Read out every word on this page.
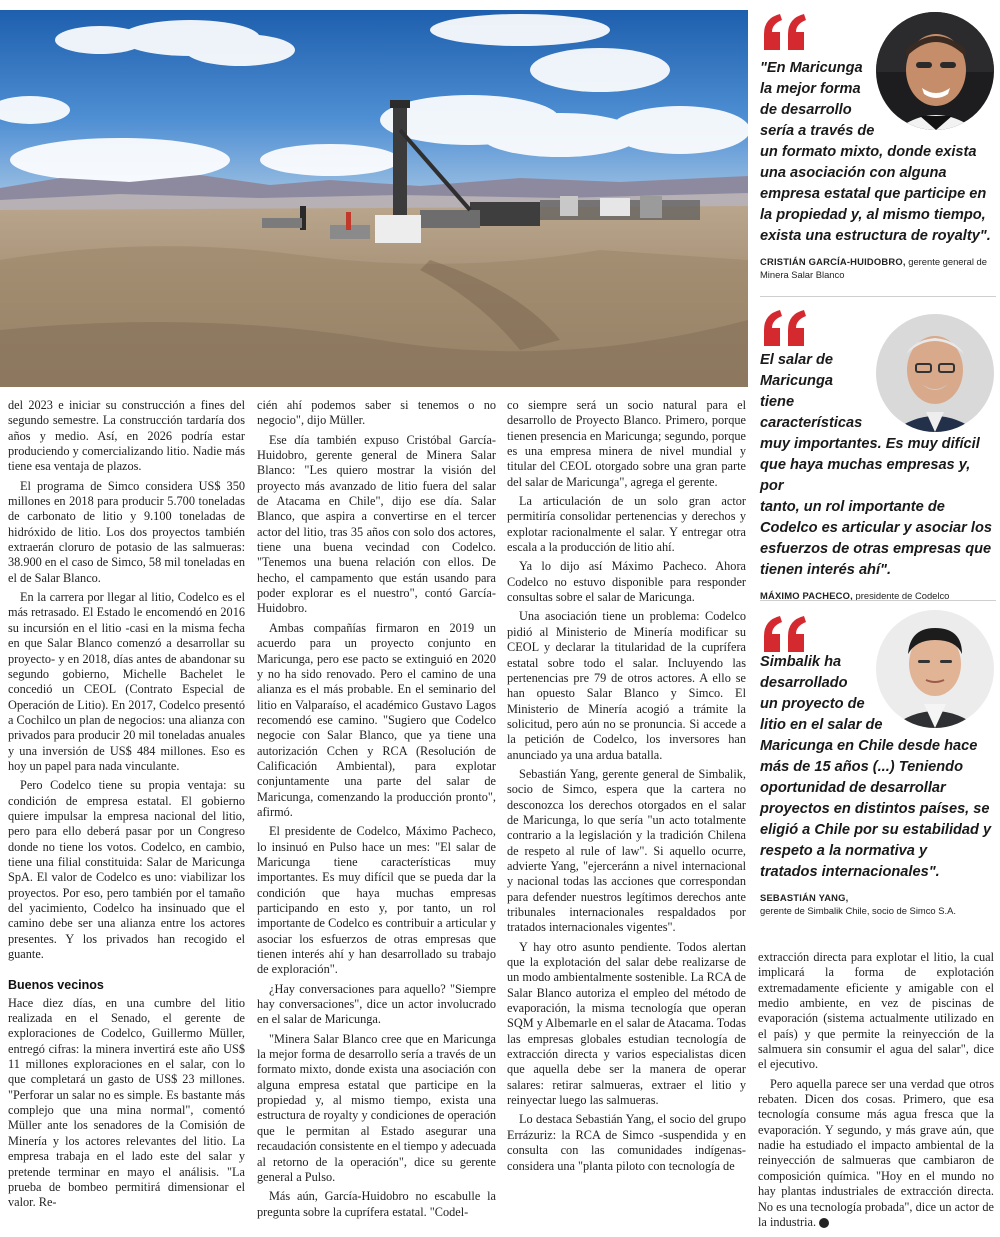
del 2023 e iniciar su construcción a fines del segundo semestre. La construcción tardaría dos años y medio. Así, en 2026 podría estar produciendo y comercializando litio. Nadie más tiene esa ventaja de plazos.

El programa de Simco considera US$ 350 millones en 2018 para producir 5.700 toneladas de carbonato de litio y 9.100 toneladas de hidróxido de litio. Los dos proyectos también extraerán cloruro de potasio de las salmueras: 38.900 en el caso de Simco, 58 mil toneladas en el de Salar Blanco.

En la carrera por llegar al litio, Codelco es el más retrasado. El Estado le encomendó en 2016 su incursión en el litio -casi en la misma fecha en que Salar Blanco comenzó a desarrollar su proyecto- y en 2018, días antes de abandonar su segundo gobierno, Michelle Bachelet le concedió un CEOL (Contrato Especial de Operación de Litio). En 2017, Codelco presentó a Cochilco un plan de negocios: una alianza con privados para producir 20 mil toneladas anuales y una inversión de US$ 484 millones. Eso es hoy un papel para nada vinculante.

Pero Codelco tiene su propia ventaja: su condición de empresa estatal. El gobierno quiere impulsar la empresa nacional del litio, pero para ello deberá pasar por un Congreso donde no tiene los votos. Codelco, en cambio, tiene una filial constituida: Salar de Maricunga SpA. El valor de Codelco es uno: viabilizar los proyectos. Por eso, pero también por el tamaño del yacimiento, Codelco ha insinuado que el camino debe ser una alianza entre los actores presentes. Y los privados han recogido el guante.

Buenos vecinos

Hace diez días, en una cumbre del litio realizada en el Senado, el gerente de exploraciones de Codelco, Guillermo Müller, entregó cifras: la minera invertirá este año US$ 11 millones exploraciones en el salar, con lo que completará un gasto de US$ 23 millones. "Perforar un salar no es simple. Es bastante más complejo que una mina normal", comentó Müller ante los senadores de la Comisión de Minería y los actores relevantes del litio. La empresa trabaja en el lado este del salar y pretende terminar en mayo el análisis. "La prueba de bombeo permitirá dimensionar el valor. Re-

cién ahí podemos saber si tenemos o no negocio", dijo Müller.

Ese día también expuso Cristóbal García-Huidobro, gerente general de Minera Salar Blanco: "Les quiero mostrar la visión del proyecto más avanzado de litio fuera del salar de Atacama en Chile", dijo ese día. Salar Blanco, que aspira a convertirse en el tercer actor del litio, tras 35 años con solo dos actores, tiene una buena vecindad con Codelco. "Tenemos una buena relación con ellos. De hecho, el campamento que están usando para poder explorar es el nuestro", contó García-Huidobro.

Ambas compañías firmaron en 2019 un acuerdo para un proyecto conjunto en Maricunga, pero ese pacto se extinguió en 2020 y no ha sido renovado. Pero el camino de una alianza es el más probable. En el seminario del litio en Valparaíso, el académico Gustavo Lagos recomendó ese camino. "Sugiero que Codelco negocie con Salar Blanco, que ya tiene una autorización Cchen y RCA (Resolución de Calificación Ambiental), para explotar conjuntamente una parte del salar de Maricunga, comenzando la producción pronto", afirmó.

El presidente de Codelco, Máximo Pacheco, lo insinuó en Pulso hace un mes: "El salar de Maricunga tiene características muy importantes. Es muy difícil que se pueda dar la condición que haya muchas empresas participando en esto y, por tanto, un rol importante de Codelco es contribuir a articular y asociar los esfuerzos de otras empresas que tienen interés ahí y han desarrollado su trabajo de exploración".

¿Hay conversaciones para aquello? "Siempre hay conversaciones", dice un actor involucrado en el salar de Maricunga.

"Minera Salar Blanco cree que en Maricunga la mejor forma de desarrollo sería a través de un formato mixto, donde exista una asociación con alguna empresa estatal que participe en la propiedad y, al mismo tiempo, exista una estructura de royalty y condiciones de operación que le permitan al Estado asegurar una recaudación consistente en el tiempo y adecuada al retorno de la operación", dice su gerente general a Pulso.

Más aún, García-Huidobro no escabulle la pregunta sobre la cuprífera estatal. "Codel-

co siempre será un socio natural para el desarrollo de Proyecto Blanco. Primero, porque tienen presencia en Maricunga; segundo, porque es una empresa minera de nivel mundial y titular del CEOL otorgado sobre una gran parte del salar de Maricunga", agrega el gerente.

La articulación de un solo gran actor permitiría consolidar pertenencias y derechos y explotar racionalmente el salar. Y entregar otra escala a la producción de litio ahí.

Ya lo dijo así Máximo Pacheco. Ahora Codelco no estuvo disponible para responder consultas sobre el salar de Maricunga.

Una asociación tiene un problema: Codelco pidió al Ministerio de Minería modificar su CEOL y declarar la titularidad de la cuprífera estatal sobre todo el salar. Incluyendo las pertenencias pre 79 de otros actores. A ello se han opuesto Salar Blanco y Simco. El Ministerio de Minería acogió a trámite la solicitud, pero aún no se pronuncia. Si accede a la petición de Codelco, los inversores han anunciado ya una ardua batalla.

Sebastián Yang, gerente general de Simbalik, socio de Simco, espera que la cartera no desconozca los derechos otorgados en el salar de Maricunga, lo que sería "un acto totalmente contrario a la legislación y la tradición Chilena de respeto al rule of law". Si aquello ocurre, advierte Yang, "ejerceránn a nivel internacional y nacional todas las acciones que correspondan para defender nuestros legítimos derechos ante tribunales internacionales respaldados por tratados internacionales vigentes".

Y hay otro asunto pendiente. Todos alertan que la explotación del salar debe realizarse de un modo ambientalmente sostenible. La RCA de Salar Blanco autoriza el empleo del método de evaporación, la misma tecnología que operan SQM y Albemarle en el salar de Atacama. Todas las empresas globales estudian tecnología de extracción directa y varios especialistas dicen que aquella debe ser la manera de operar salares: retirar salmueras, extraer el litio y reinyectar luego las salmueras.

Lo destaca Sebastián Yang, el socio del grupo Errázuriz: la RCA de Simco -suspendida y en consulta con las comunidades indígenas- considera una "planta piloto con tecnología de

extracción directa para explotar el litio, la cual implicará la forma de explotación extremadamente eficiente y amigable con el medio ambiente, en vez de piscinas de evaporación (sistema actualmente utilizado en el país) y que permite la reinyección de la salmuera sin consumir el agua del salar", dice el ejecutivo.

Pero aquella parece ser una verdad que otros rebaten. Dicen dos cosas. Primero, que esa tecnología consume más agua fresca que la evaporación. Y segundo, y más grave aún, que nadie ha estudiado el impacto ambiental de la reinyección de salmueras que cambiaron de composición química. "Hoy en el mundo no hay plantas industriales de extracción directa. No es una tecnología probada", dice un actor de la industria. P

"En Maricunga
la mejor forma
de desarrollo
sería a través de
un formato mixto, donde exista
una asociación con alguna
empresa estatal que participe en
la propiedad y, al mismo tiempo,
exista una estructura de royalty".
CRISTIÁN GARCÍA-HUIDOBRO, gerente general de Minera Salar Blanco
El salar de
Maricunga
tiene
características
muy importantes. Es muy difícil
que haya muchas empresas y, por
tanto, un rol importante de
Codelco es articular y asociar los
esfuerzos de otras empresas que
tienen interés ahí".
MÁXIMO PACHECO, presidente de Codelco
Simbalik ha
desarrollado
un proyecto de
litio en el salar de
Maricunga en Chile desde hace
más de 15 años (...) Teniendo
oportunidad de desarrollar
proyectos en distintos países, se
eligió a Chile por su estabilidad y
respeto a la normativa y
tratados internacionales".
SEBASTIÁN YANG,
gerente de Simbalik Chile, socio de Simco S.A.
